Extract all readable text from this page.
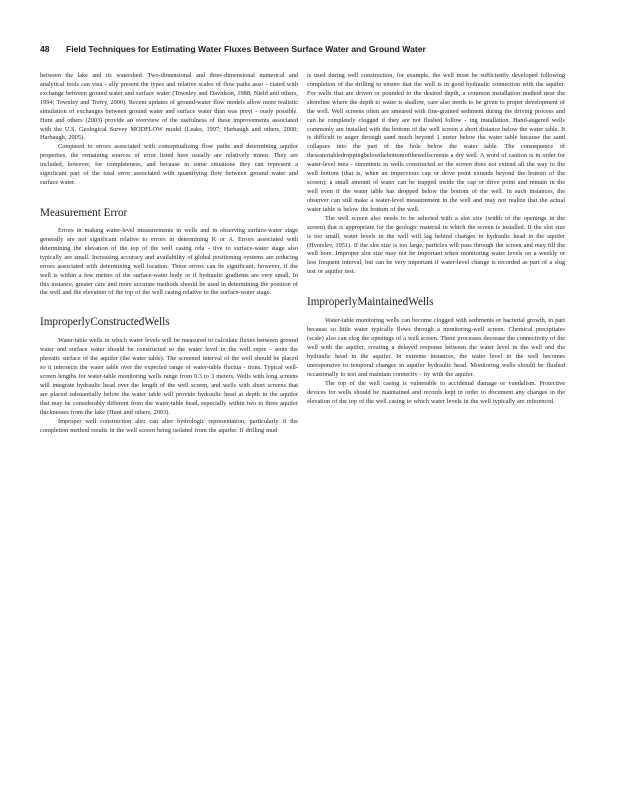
48 Field Techniques for Estimating Water Fluxes Between Surface Water and Ground Water

between the lake and its watershed. Two-dimensional and three-dimensional numerical and analytical tools can visu - ally present the types and relative scales of flow paths asso - ciated with exchange between ground water and surface water (Townley and Davidson, 1988; Nield and others, 1994; Townley and Trefry, 2000). Recent updates of ground-water flow models allow more realistic simulation of exchanges between ground water and surface water than was previ - ously possible. Hunt and others (2003) provide an overview of the usefulness of these improvements associated with the U.S. Geological Survey MODFLOW model (Leake, 1997; Harbaugh and others, 2000; Harbaugh, 2005).

Compared to errors associated with conceptualizing flow paths and determining aquifer properties, the remaining sources of error listed here usually are relatively minor. They are included, however, for completeness, and because in some situations they can represent a significant part of the total error associated with quantifying flow between ground water and surface water.

Measurement Error

Errors in making water-level measurements in wells and in observing surface-water stage generally are not significant relative to errors in determining K or A. Errors associated with determining the elevation of the top of the well casing rela - tive to surface-water stage also typically are small. Increasing accuracy and availability of global positioning systems are reducing errors associated with determining well location. These errors can be significant, however, if the well is within a few meters of the surface-water body or if hydraulic gradients are very small. In this instance, greater care and more accurate methods should be used in determining the position of the well and the elevation of the top of the well casing relative to the surface-water stage.

ImproperlyConstructedWells

Water-table wells in which water levels will be measured to calculate fluxes between ground water and surface water should be constructed so the water level in the well repre - sents the phreatic surface of the aquifer (the water table). The screened interval of the well should be placed so it intersects the water table over the expected range of water-table fluctua - tions. Typical well-screen lengths for water-table monitoring wells range from 0.3 to 3 meters. Wells with long screens will integrate hydraulic head over the length of the well screen, and wells with short screens that are placed substantially below the water table will provide hydraulic head at depth in the aquifer that may be considerably different from the water-table head, especially within two to three aquifer thicknesses from the lake (Hunt and others, 2003).

Improper well construction also can alter hydrologic representation, particularly if the completion method results in the well screen being isolated from the aquifer. If drilling mud

is used during well construction, for example, the well must be sufficiently developed following completion of the drilling to ensure that the well is in good hydraulic connection with the aquifer. For wells that are driven or pounded to the desired depth, a common installation method near the shoreline where the depth to water is shallow, care also needs to be given to proper development of the well. Well screens often are smeared with fine-grained sediment during the driving process and can be completely clogged if they are not flushed follow - ing installation. Hand-augered wells commonly are installed with the bottom of the well screen a short distance below the water table. It is difficult to auger through sand much beyond 1 meter below the water table because the sand collapses into the part of the hole below the water table. The consequence of thewatertabledroppingbelowthebottomofthewellscreenis a dry well. A word of caution is in order for water-level mea - surements in wells constructed so the screen does not extend all the way to the well bottom (that is, when an impervious cap or drive point extends beyond the bottom of the screen); a small amount of water can be trapped inside the cap or drive point and remain in the well even if the water table has dropped below the bottom of the well. In such instances, the observer can still make a water-level measurement in the well and may not realize that the actual water table is below the bottom of the well.

The well screen also needs to be selected with a slot size (width of the openings in the screen) that is appropriate for the geologic material in which the screen is installed. If the slot size is too small, water levels in the well will lag behind changes in hydraulic head in the aquifer (Hvorslev, 1951). If the slot size is too large, particles will pass through the screen and may fill the well bore. Improper slot size may not be important when monitoring water levels on a weekly or less frequent interval, but can be very important if water-level change is recorded as part of a slug test or aquifer test.

ImproperlyMaintainedWells

Water-table monitoring wells can become clogged with sediments or bacterial growth, in part because so little water typically flows through a monitoring-well screen. Chemical precipitates (scale) also can clog the openings of a well screen. These processes decrease the connectivity of the well with the aquifer, creating a delayed response between the water level in the well and the hydraulic head in the aquifer. In extreme instances, the water level in the well becomes unresponsive to temporal changes in aquifer hydraulic head. Monitoring wells should be flushed occasionally to test and maintain connectiv - ity with the aquifer.

The top of the well casing is vulnerable to accidental damage or vandalism. Protective devices for wells should be maintained and records kept in order to document any changes in the elevation of the top of the well casing to which water levels in the well typically are referenced.
